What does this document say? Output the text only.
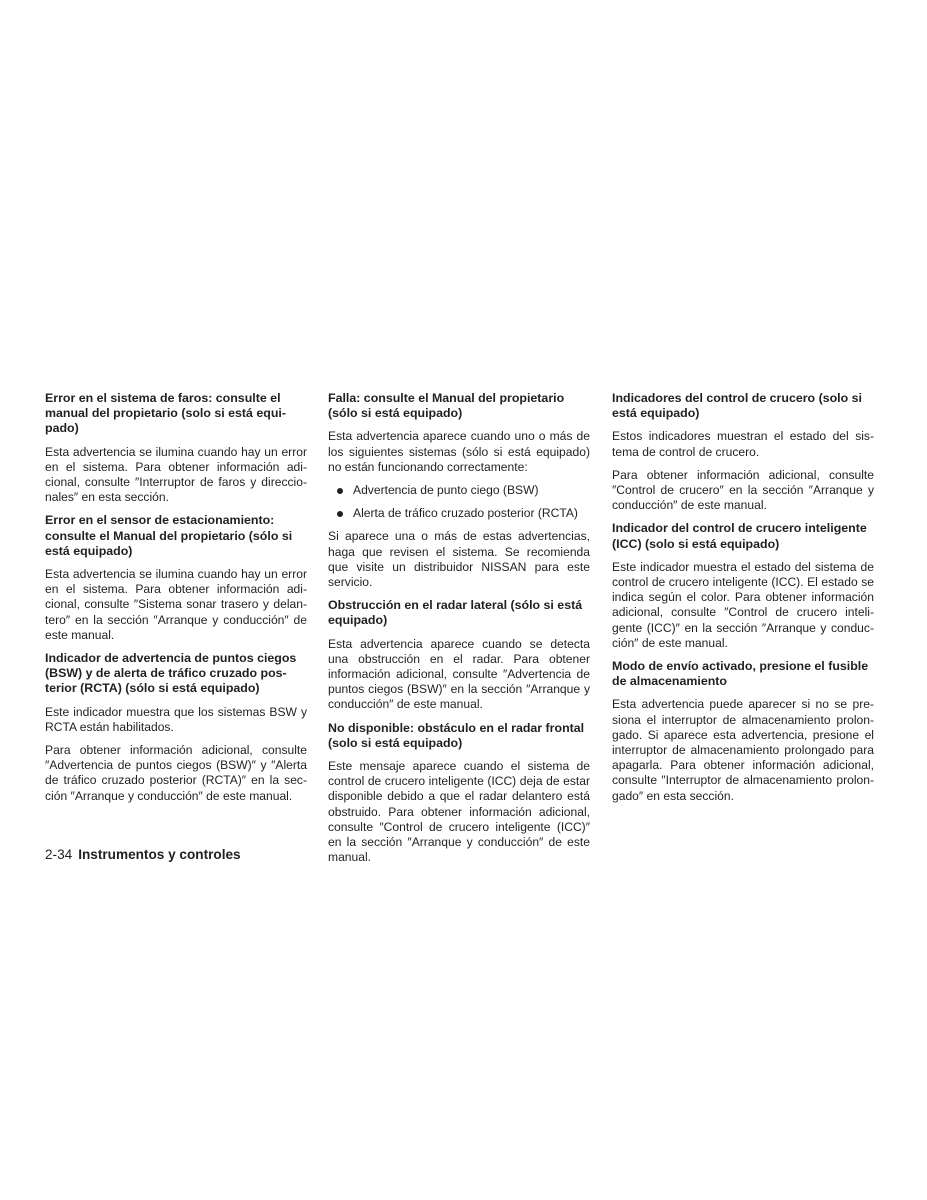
Error en el sistema de faros: consulte el manual del propietario (solo si está equipado)

Esta advertencia se ilumina cuando hay un error en el sistema. Para obtener información adicional, consulte ″Interruptor de faros y direccionales″ en esta sección.

Error en el sensor de estacionamiento: consulte el Manual del propietario (sólo si está equipado)

Esta advertencia se ilumina cuando hay un error en el sistema. Para obtener información adicional, consulte ″Sistema sonar trasero y delantero″ en la sección ″Arranque y conducción″ de este manual.

Indicador de advertencia de puntos ciegos (BSW) y de alerta de tráfico cruzado posterior (RCTA) (sólo si está equipado)

Este indicador muestra que los sistemas BSW y RCTA están habilitados.

Para obtener información adicional, consulte ″Advertencia de puntos ciegos (BSW)″ y ″Alerta de tráfico cruzado posterior (RCTA)″ en la sección ″Arranque y conducción″ de este manual.

Falla: consulte el Manual del propietario (sólo si está equipado)

Esta advertencia aparece cuando uno o más de los siguientes sistemas (sólo si está equipado) no están funcionando correctamente:

Advertencia de punto ciego (BSW)
Alerta de tráfico cruzado posterior (RCTA)

Si aparece una o más de estas advertencias, haga que revisen el sistema. Se recomienda que visite un distribuidor NISSAN para este servicio.

Obstrucción en el radar lateral (sólo si está equipado)

Esta advertencia aparece cuando se detecta una obstrucción en el radar. Para obtener información adicional, consulte ″Advertencia de puntos ciegos (BSW)″ en la sección ″Arranque y conducción″ de este manual.

No disponible: obstáculo en el radar frontal (solo si está equipado)

Este mensaje aparece cuando el sistema de control de crucero inteligente (ICC) deja de estar disponible debido a que el radar delantero está obstruido. Para obtener información adicional, consulte ″Control de crucero inteligente (ICC)″ en la sección ″Arranque y conducción″ de este manual.

Indicadores del control de crucero (solo si está equipado)

Estos indicadores muestran el estado del sistema de control de crucero.

Para obtener información adicional, consulte ″Control de crucero″ en la sección ″Arranque y conducción″ de este manual.

Indicador del control de crucero inteligente (ICC) (solo si está equipado)

Este indicador muestra el estado del sistema de control de crucero inteligente (ICC). El estado se indica según el color. Para obtener información adicional, consulte ″Control de crucero inteligente (ICC)″ en la sección ″Arranque y conducción″ de este manual.

Modo de envío activado, presione el fusible de almacenamiento

Esta advertencia puede aparecer si no se presiona el interruptor de almacenamiento prolongado. Si aparece esta advertencia, presione el interruptor de almacenamiento prolongado para apagarla. Para obtener información adicional, consulte ″Interruptor de almacenamiento prolongado″ en esta sección.

2-34 Instrumentos y controles
